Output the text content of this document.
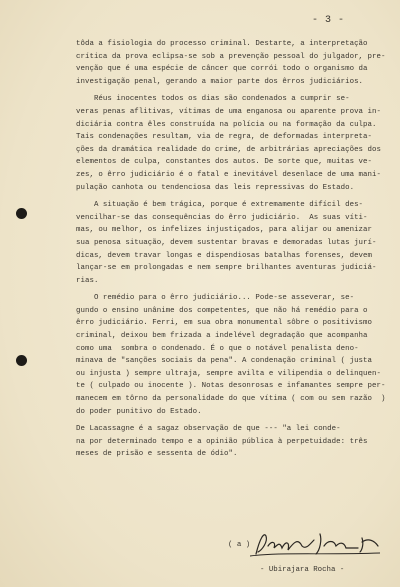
- 3 -
tôda a fisiologia do processo criminal. Destarte, a interpretação
crítica da prova eclipsa-se sob a prevenção pessoal do julgador, pre-
venção que é uma espécie de câncer que corrói todo o organismo da
investigação penal, gerando a maior parte dos êrros judiciários.
Réus inocentes todos os dias são condenados a cumprir se-
veras penas aflitivas, vítimas de uma enganosa ou aparente prova in-
diciária contra êles construída na polícia ou na formação da culpa.
Tais condenações resultam, via de regra, de deformadas interpreta-
ções da dramática realidade do crime, de arbitrárias apreciações dos
elementos de culpa, constantes dos autos. De sorte que, muitas ve-
zes, o êrro judiciário é o fatal e inevitável desenlace de uma mani-
pulação canhota ou tendenciosa das leis repressivas do Estado.
A situação é bem trágica, porque é extremamente difícil des-
vencilhar-se das consequências do êrro judiciário.  As suas víti-
mas, ou melhor, os infelizes injustiçados, para alijar ou amenizar
sua penosa situação, devem sustentar bravas e demoradas lutas jurí-
dicas, devem travar longas e dispendiosas batalhas forenses, devem
lançar-se em prolongadas e nem sempre brilhantes aventuras judiciá-
rias.
O remédio para o êrro judiciário... Pode-se asseverar, se-
gundo o ensino unânime dos competentes, que não há remédio para o
êrro judiciário. Ferri, em sua obra monumental sôbre o positivismo
criminal, deixou bem frizada a indelével degradação que acompanha
como uma  sombra o condenado. É o que o notável penalista deno-
minava de "sanções sociais da pena". A condenação criminal ( justa
ou injusta ) sempre ultraja, sempre avilta e vilipendia o delinquen-
te ( culpado ou inocente ). Notas desonrosas e infamantes sempre per-
manecem em tôrno da personalidade do que vítima ( com ou sem razão  )
do poder punitivo do Estado.
De Lacassagne é a sagaz observação de que --- "a lei conde-
na por determinado tempo e a opinião pública à perpetuidade: três
meses de prisão e sessenta de ódio".
( a )
- Ubirajara Rocha -
